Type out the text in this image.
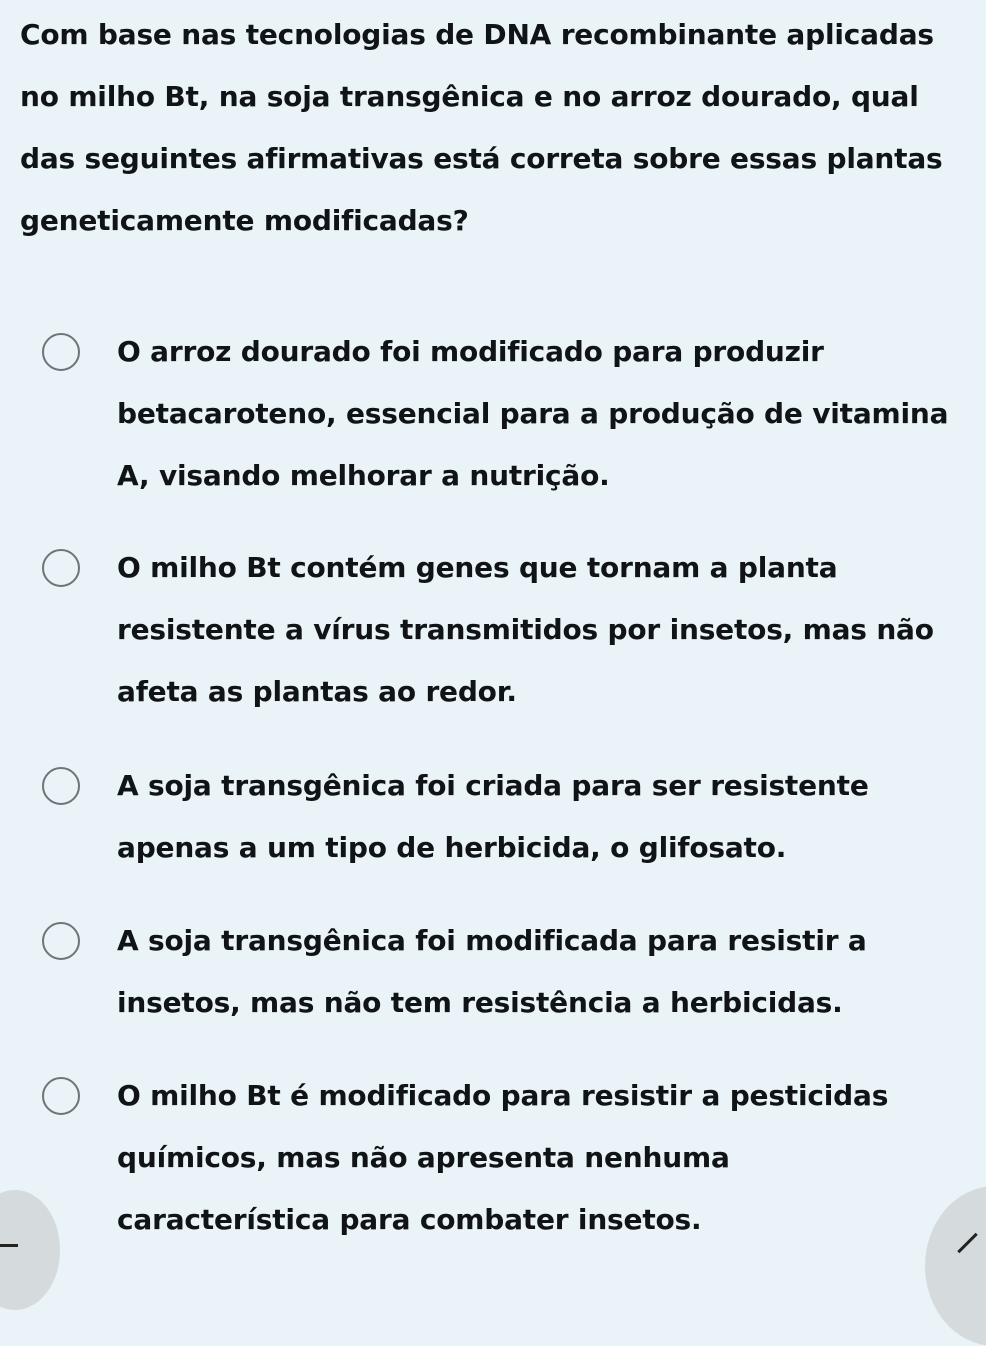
Com base nas tecnologias de DNA recombinante aplicadas no milho Bt, na soja transgênica e no arroz dourado, qual das seguintes afirmativas está correta sobre essas plantas geneticamente modificadas?

O arroz dourado foi modificado para produzir betacaroteno, essencial para a produção de vitamina A, visando melhorar a nutrição.
O milho Bt contém genes que tornam a planta resistente a vírus transmitidos por insetos, mas não afeta as plantas ao redor.
A soja transgênica foi criada para ser resistente apenas a um tipo de herbicida, o glifosato.
A soja transgênica foi modificada para resistir a insetos, mas não tem resistência a herbicidas.
O milho Bt é modificado para resistir a pesticidas químicos, mas não apresenta nenhuma característica para combater insetos.
